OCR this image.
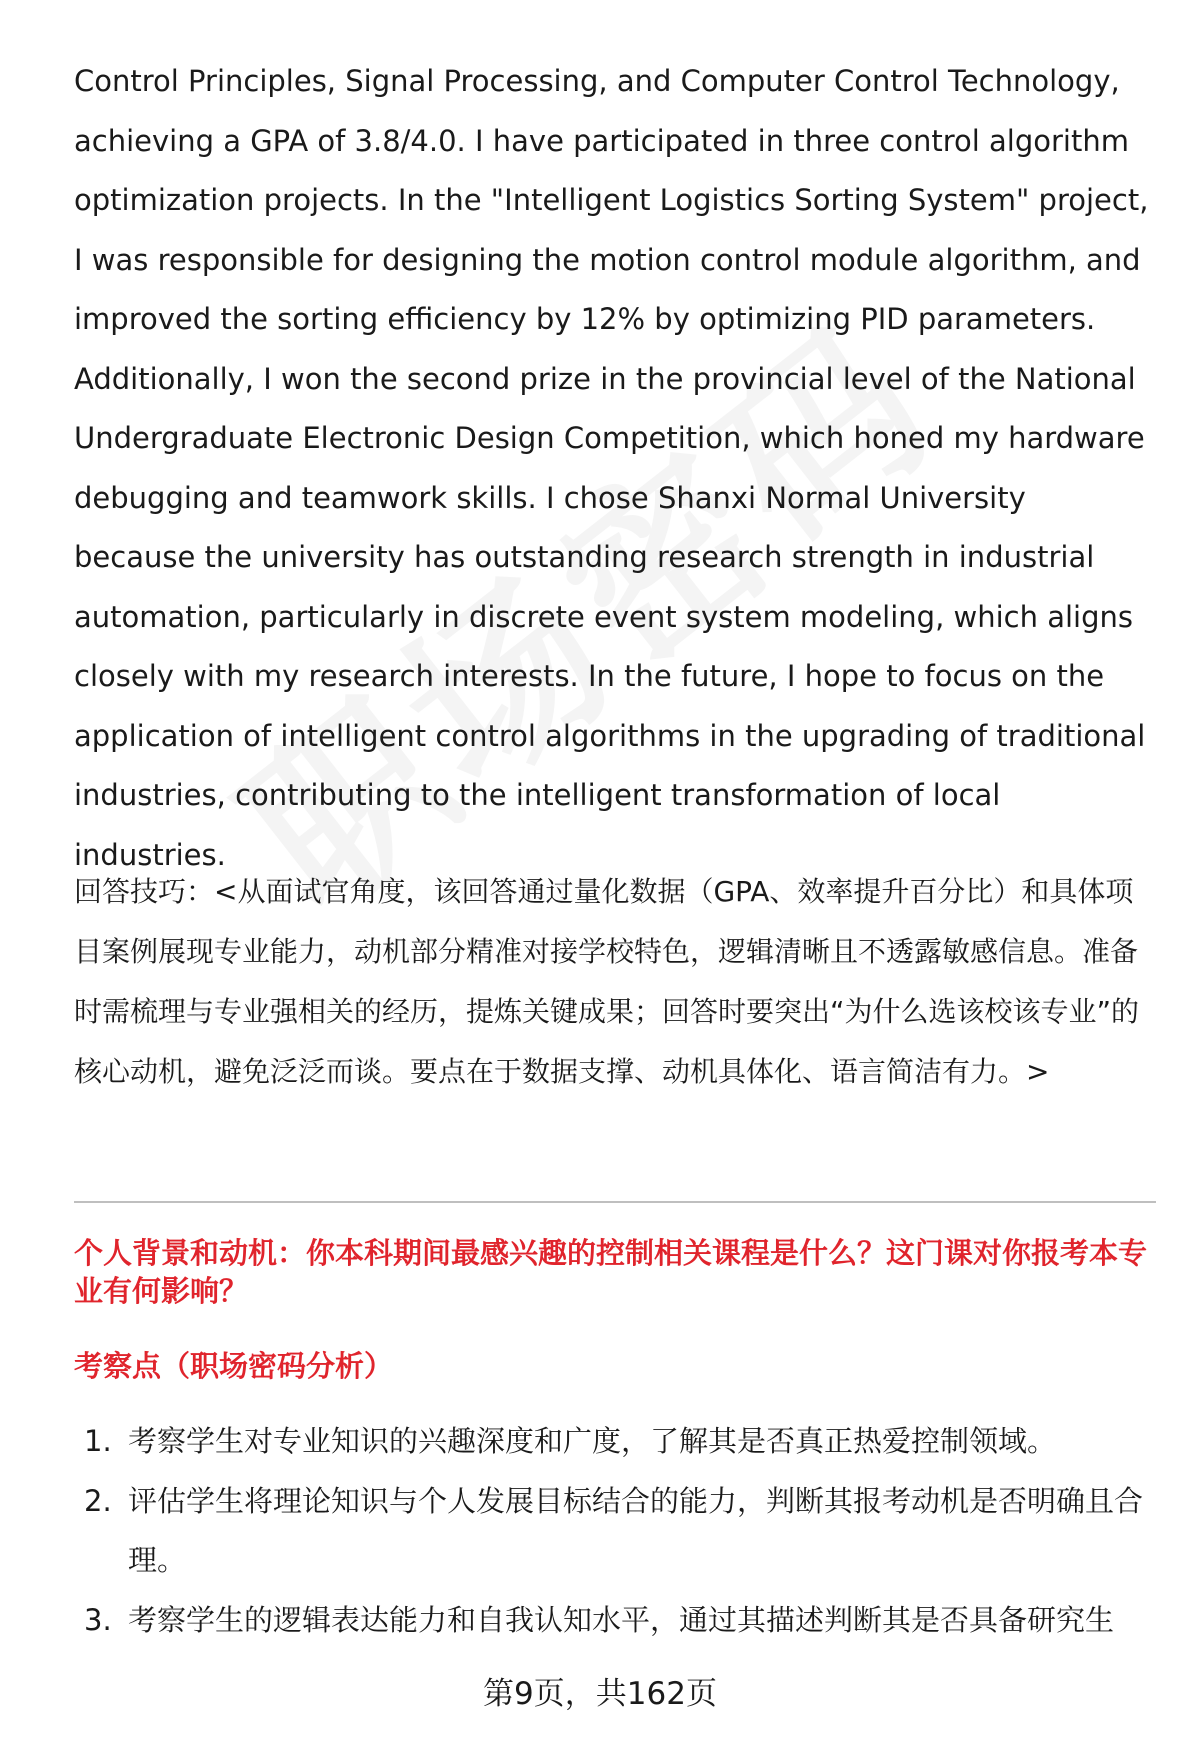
Control Principles, Signal Processing, and Computer Control Technology, achieving a GPA of 3.8/4.0. I have participated in three control algorithm optimization projects. In the "Intelligent Logistics Sorting System" project, I was responsible for designing the motion control module algorithm, and improved the sorting efficiency by 12% by optimizing PID parameters. Additionally, I won the second prize in the provincial level of the National Undergraduate Electronic Design Competition, which honed my hardware debugging and teamwork skills. I chose Shanxi Normal University because the university has outstanding research strength in industrial automation, particularly in discrete event system modeling, which aligns closely with my research interests. In the future, I hope to focus on the application of intelligent control algorithms in the upgrading of traditional industries, contributing to the intelligent transformation of local industries.

回答技巧：<从面试官角度，该回答通过量化数据（GPA、效率提升百分比）和具体项目案例展现专业能力，动机部分精准对接学校特色，逻辑清晰且不透露敏感信息。准备时需梳理与专业强相关的经历，提炼关键成果；回答时要突出“为什么选该校该专业”的核心动机，避免泛泛而谈。要点在于数据支撑、动机具体化、语言简洁有力。>

个人背景和动机：你本科期间最感兴趣的控制相关课程是什么？这门课对你报考本专业有何影响？

考察点（职场密码分析）

1. 考察学生对专业知识的兴趣深度和广度，了解其是否真正热爱控制领域。
2. 评估学生将理论知识与个人发展目标结合的能力，判断其报考动机是否明确且合理。
3. 考察学生的逻辑表达能力和自我认知水平，通过其描述判断其是否具备研究生
第9页，共162页
